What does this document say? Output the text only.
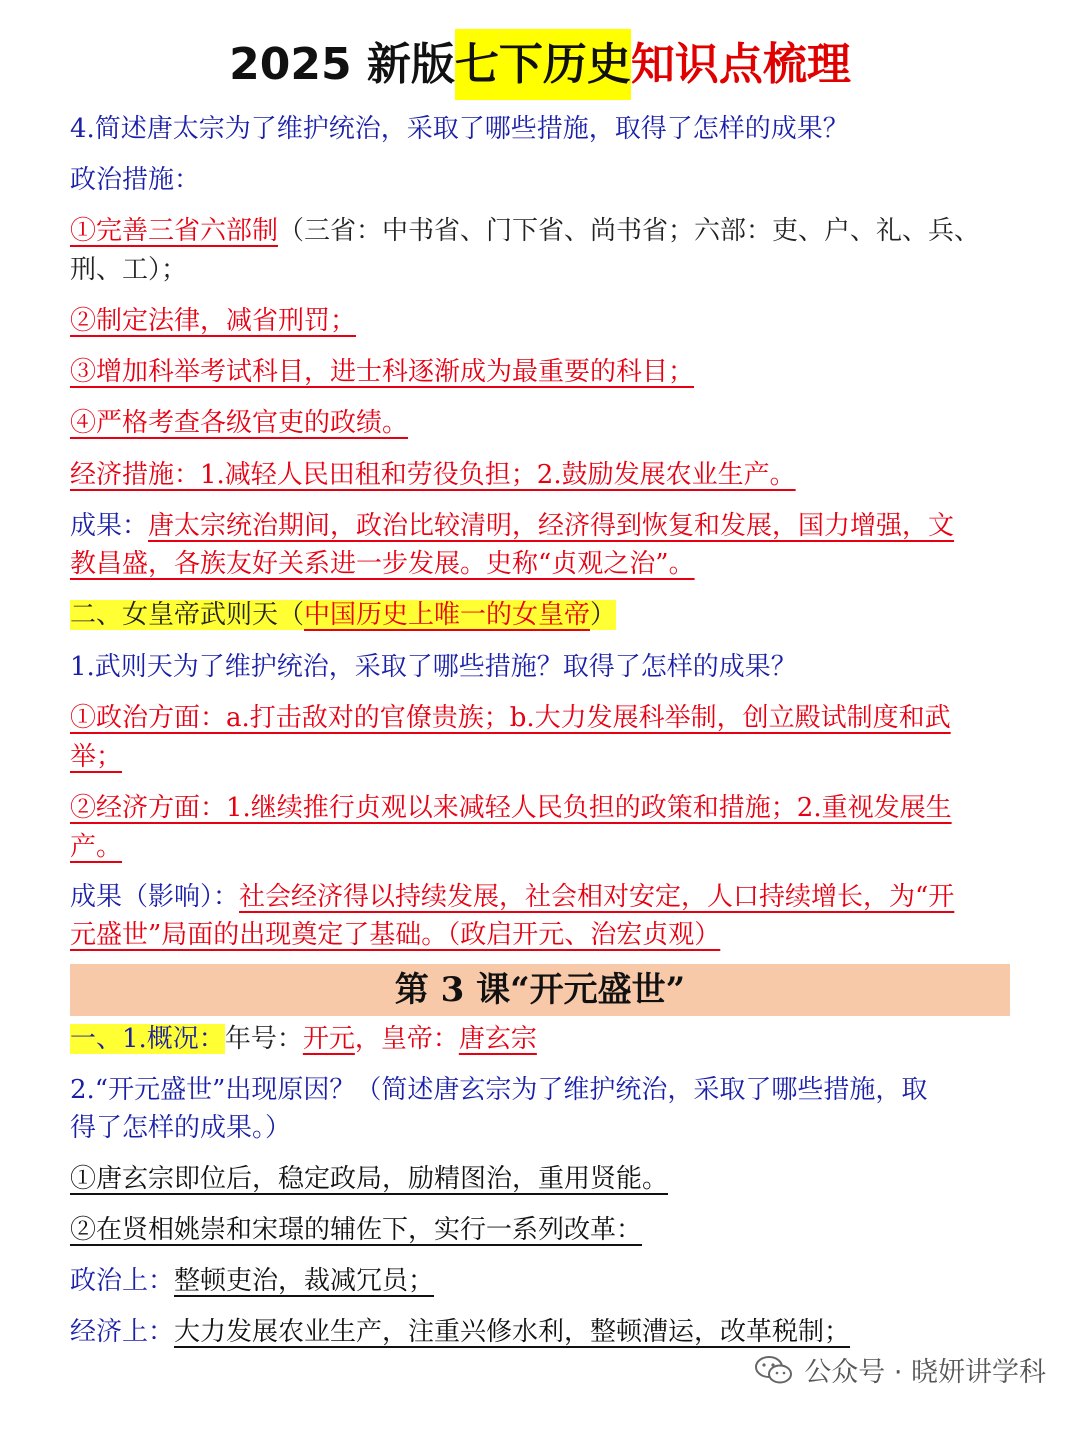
2025 新版七下历史知识点梳理
4.简述唐太宗为了维护统治，采取了哪些措施，取得了怎样的成果？
政治措施：
①完善三省六部制（三省：中书省、门下省、尚书省；六部：吏、户、礼、兵、
刑、工）；
②制定法律，减省刑罚；
③增加科举考试科目，进士科逐渐成为最重要的科目；
④严格考查各级官吏的政绩。
经济措施：1.减轻人民田租和劳役负担；2.鼓励发展农业生产。
成果：唐太宗统治期间，政治比较清明，经济得到恢复和发展，国力增强，文
教昌盛，各族友好关系进一步发展。史称“贞观之治”。
二、女皇帝武则天（中国历史上唯一的女皇帝）
1.武则天为了维护统治，采取了哪些措施？取得了怎样的成果？
①政治方面：a.打击敌对的官僚贵族；b.大力发展科举制，创立殿试制度和武
举；
②经济方面：1.继续推行贞观以来减轻人民负担的政策和措施；2.重视发展生
产。
成果（影响）：社会经济得以持续发展，社会相对安定，人口持续增长，为“开
元盛世”局面的出现奠定了基础。（政启开元、治宏贞观）
第 3 课“开元盛世”
一、1.概况：年号：开元，皇帝：唐玄宗
2.“开元盛世”出现原因？（简述唐玄宗为了维护统治，采取了哪些措施，取
得了怎样的成果。）
①唐玄宗即位后，稳定政局，励精图治，重用贤能。
②在贤相姚崇和宋璟的辅佐下，实行一系列改革：
政治上：整顿吏治，裁减冗员；
经济上：大力发展农业生产，注重兴修水利，整顿漕运，改革税制；
公众号 · 晓妍讲学科
